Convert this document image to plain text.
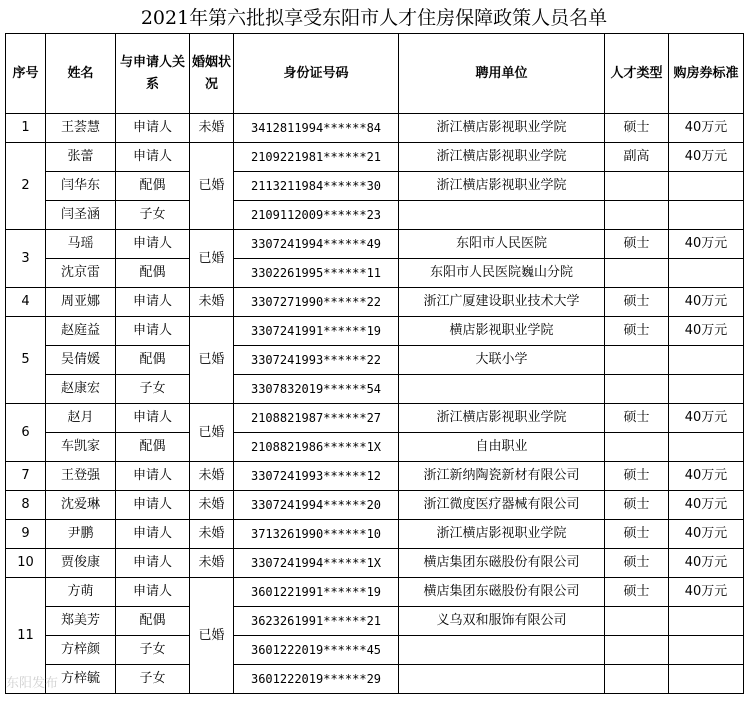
2021年第六批拟享受东阳市人才住房保障政策人员名单
序号	姓名	与申请人关系	婚姻状况	身份证号码	聘用单位	人才类型	购房券标准
1	王荟慧	申请人	未婚	3412811994******84	浙江横店影视职业学院	硕士	40万元
2	张蕾	申请人	已婚	2109221981******21	浙江横店影视职业学院	副高	40万元
	闫华东	配偶		2113211984******30	浙江横店影视职业学院		
	闫圣涵	子女		2109112009******23			
3	马瑶	申请人	已婚	3307241994******49	东阳市人民医院	硕士	40万元
	沈京雷	配偶		3302261995******11	东阳市人民医院巍山分院		
4	周亚娜	申请人	未婚	3307271990******22	浙江广厦建设职业技术大学	硕士	40万元
5	赵庭益	申请人	已婚	3307241991******19	横店影视职业学院	硕士	40万元
	吴倩媛	配偶		3307241993******22	大联小学		
	赵康宏	子女		3307832019******54			
6	赵月	申请人	已婚	2108821987******27	浙江横店影视职业学院	硕士	40万元
	车凯家	配偶		2108821986******1X	自由职业		
7	王登强	申请人	未婚	3307241993******12	浙江新纳陶瓷新材有限公司	硕士	40万元
8	沈爱琳	申请人	未婚	3307241994******20	浙江微度医疗器械有限公司	硕士	40万元
9	尹鹏	申请人	未婚	3713261990******10	浙江横店影视职业学院	硕士	40万元
10	贾俊康	申请人	未婚	3307241994******1X	横店集团东磁股份有限公司	硕士	40万元
11	方萌	申请人	已婚	3601221991******19	横店集团东磁股份有限公司	硕士	40万元
	郑美芳	配偶		3623261991******21	义乌双和服饰有限公司		
	方梓颜	子女		3601222019******45			
	方梓毓	子女		3601222019******29			
东阳发布
